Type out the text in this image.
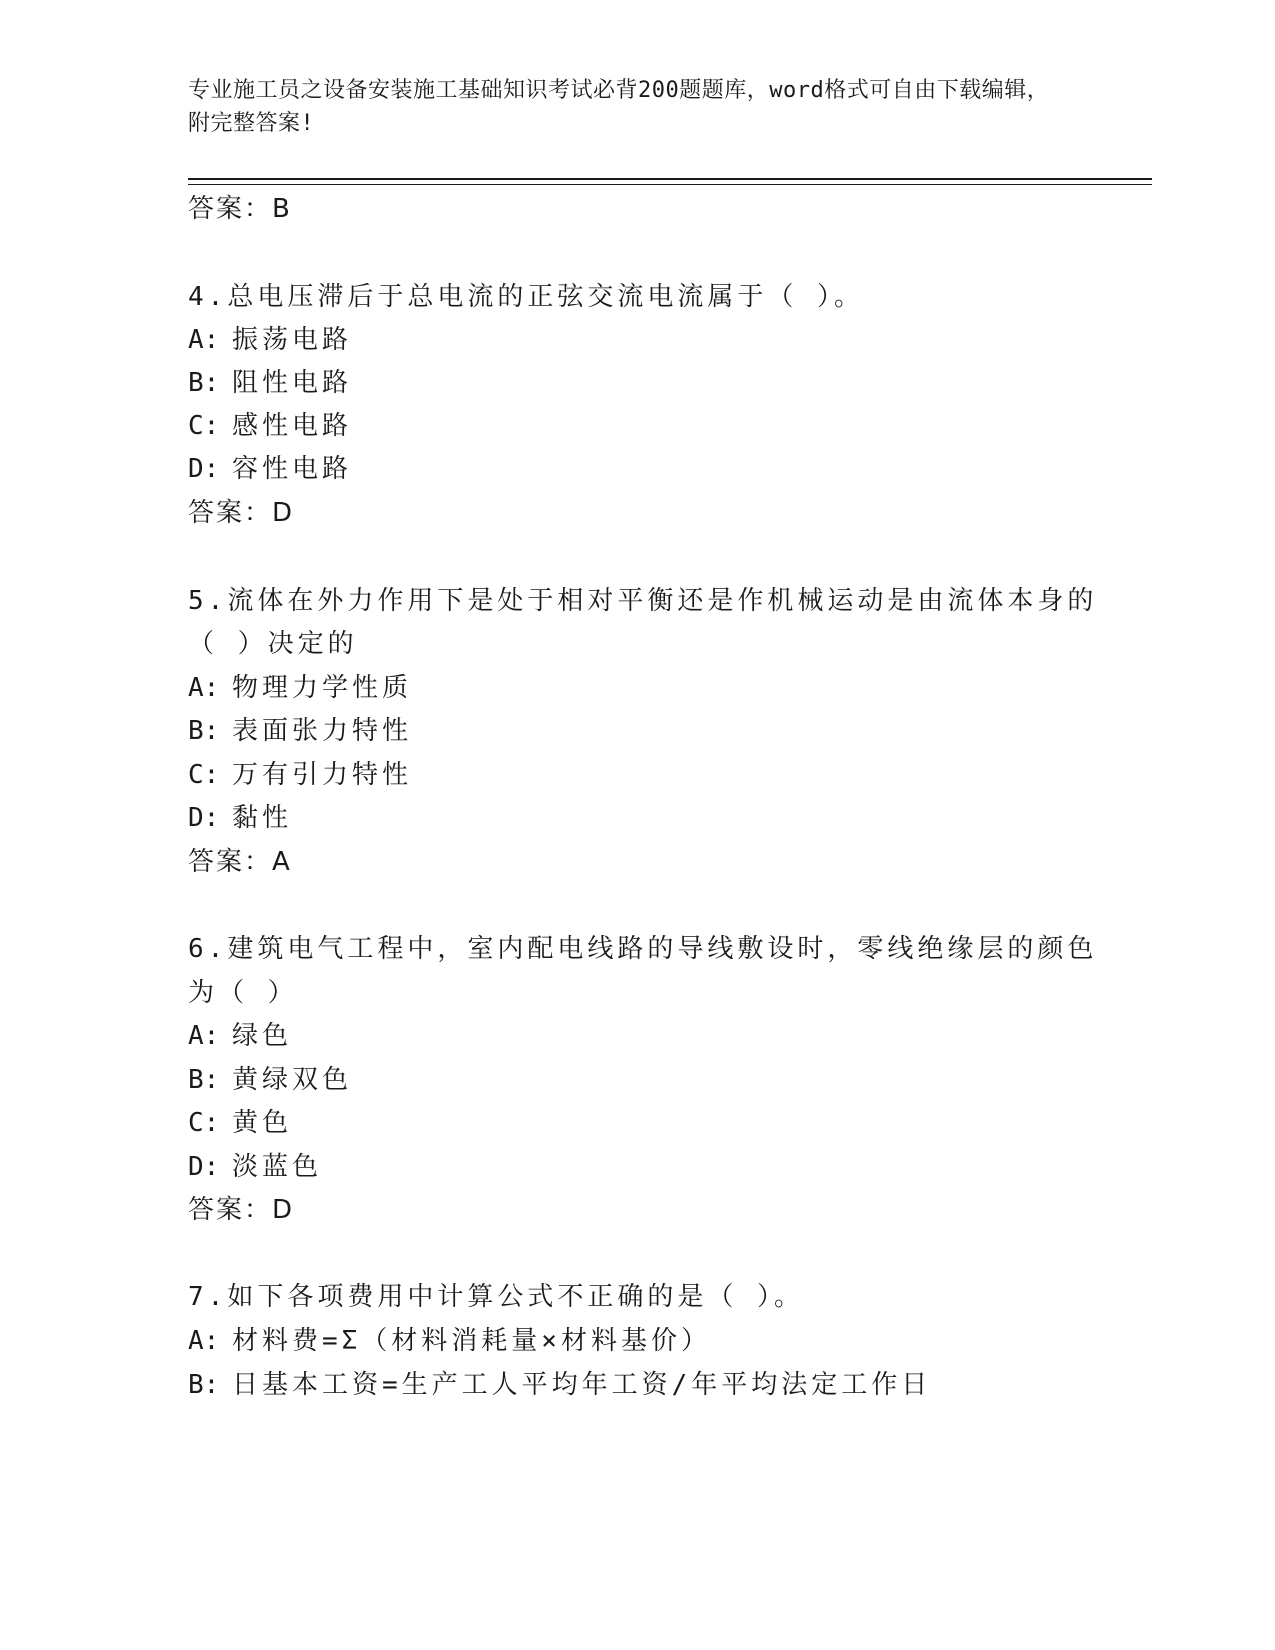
专业施工员之设备安装施工基础知识考试必背200题题库，word格式可自由下载编辑，附完整答案!
答案：B
4.总电压滞后于总电流的正弦交流电流属于（ ）。
A: 振荡电路
B: 阻性电路
C: 感性电路
D: 容性电路
答案：D
5.流体在外力作用下是处于相对平衡还是作机械运动是由流体本身的
（ ）决定的
A: 物理力学性质
B: 表面张力特性
C: 万有引力特性
D: 黏性
答案：A
6.建筑电气工程中，室内配电线路的导线敷设时，零线绝缘层的颜色
为（ ）
A: 绿色
B: 黄绿双色
C: 黄色
D: 淡蓝色
答案：D
7.如下各项费用中计算公式不正确的是（ ）。
A: 材料费=Σ（材料消耗量×材料基价）
B: 日基本工资=生产工人平均年工资/年平均法定工作日
